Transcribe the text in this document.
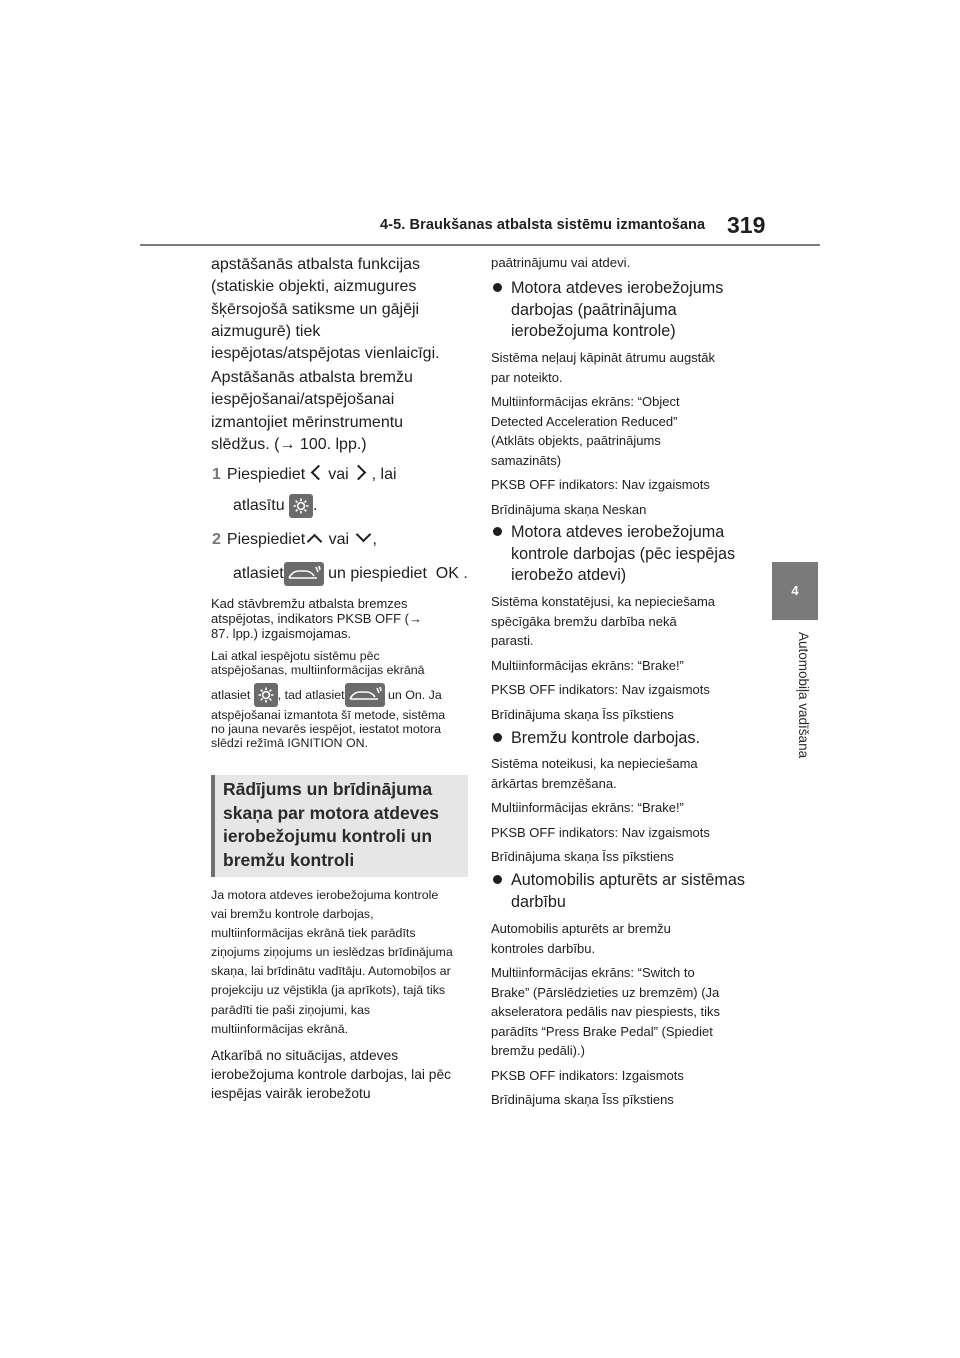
4-5. Braukšanas atbalsta sistēmu izmantošana 319
4
Automobiļa vadīšana
apstāšanās atbalsta funkcijas
(statiskie objekti, aizmugures
šķērsojošā satiksme un gājēji
aizmugurē) tiek
iespējotas/atspējotas vienlaicīgi.
Apstāšanās atbalsta bremžu
iespējošanai/atspējošanai
izmantojiet mērinstrumentu
slēdžus. (→ 100. lpp.)
1 Piespiediet vai , lai
atlasītu .
2 Piespiediet vai ,
atlasiet	un piespiediet OK .
Kad stāvbremžu atbalsta bremzes
atspējotas, indikators PKSB OFF (→
87. lpp.) izgaismojamas.
Lai atkal iespējotu sistēmu pēc
atspējošanas, multiinformācijas ekrānā
atlasiet , tad atlasiet	un On. Ja
atspējošanai izmantota šī metode, sistēma
no jauna nevarēs iespējot, iestatot motora
slēdzi režīmā IGNITION ON.
Rādījums un brīdinājuma
skaņa par motora atdeves
ierobežojumu kontroli un
bremžu kontroli
Ja motora atdeves ierobežojuma kontrole
vai bremžu kontrole darbojas,
multiinformācijas ekrānā tiek parādīts
ziņojums ziņojums un ieslēdzas brīdinājuma
skaņa, lai brīdinātu vadītāju. Automobiļos ar
projekciju uz vējstikla (ja aprīkots), tajā tiks
parādīti tie paši ziņojumi, kas
multiinformācijas ekrānā.
Atkarībā no situācijas, atdeves
ierobežojuma kontrole darbojas, lai pēc
iespējas vairāk ierobežotu
paātrinājumu vai atdevi.
Motora atdeves ierobežojums
darbojas (paātrinājuma
ierobežojuma kontrole)
Sistēma neļauj kāpināt ātrumu augstāk
par noteikto.
Multiinformācijas ekrāns: “Object
Detected Acceleration Reduced”
(Atklāts objekts, paātrinājums
samazināts)
PKSB OFF indikators: Nav izgaismots
Brīdinājuma skaņa Neskan
Motora atdeves ierobežojuma
kontrole darbojas (pēc iespējas
ierobežo atdevi)
Sistēma konstatējusi, ka nepieciešama
spēcīgāka bremžu darbība nekā
parasti.
Multiinformācijas ekrāns: “Brake!”
PKSB OFF indikators: Nav izgaismots
Brīdinājuma skaņa Īss pīkstiens
Bremžu kontrole darbojas.
Sistēma noteikusi, ka nepieciešama
ārkārtas bremzēšana.
Multiinformācijas ekrāns: “Brake!”
PKSB OFF indikators: Nav izgaismots
Brīdinājuma skaņa Īss pīkstiens
Automobilis apturēts ar sistēmas
darbību
Automobilis apturēts ar bremžu
kontroles darbību.
Multiinformācijas ekrāns: “Switch to
Brake” (Pārslēdzieties uz bremzēm) (Ja
akseleratora pedālis nav piespiests, tiks
parādīts “Press Brake Pedal” (Spiediet
bremžu pedāli).)
PKSB OFF indikators: Izgaismots
Brīdinājuma skaņa Īss pīkstiens
